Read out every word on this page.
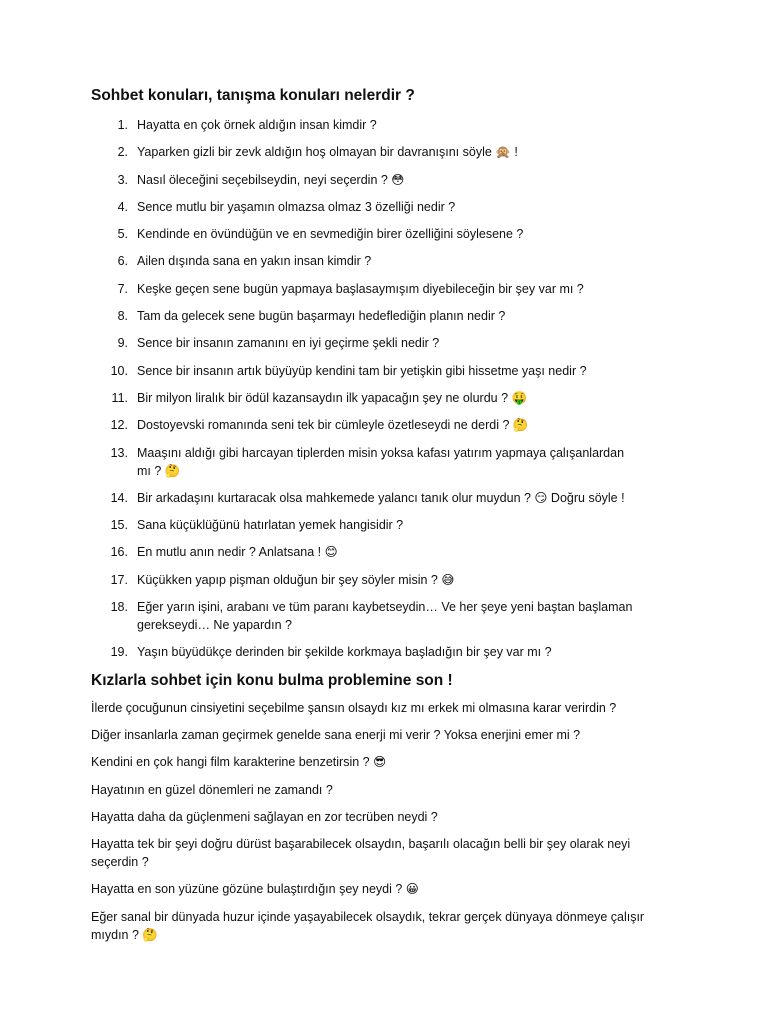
Sohbet konuları, tanışma konuları nelerdir ?
1. Hayatta en çok örnek aldığın insan kimdir ?
2. Yaparken gizli bir zevk aldığın hoş olmayan bir davranışını söyle 🙊 !
3. Nasıl öleceğini seçebilseydin, neyi seçerdin ? 😳
4. Sence mutlu bir yaşamın olmazsa olmaz 3 özelliği nedir ?
5. Kendinde en övündüğün ve en sevmediğin birer özelliğini söylesene ?
6. Ailen dışında sana en yakın insan kimdir ?
7. Keşke geçen sene bugün yapmaya başlasaymışım diyebileceğin bir şey var mı ?
8. Tam da gelecek sene bugün başarmayı hedeflediğin planın nedir ?
9. Sence bir insanın zamanını en iyi geçirme şekli nedir ?
10. Sence bir insanın artık büyüyüp kendini tam bir yetişkin gibi hissetme yaşı nedir ?
11. Bir milyon liralık bir ödül kazansaydın ilk yapacağın şey ne olurdu ? 🤑
12. Dostoyevski romanında seni tek bir cümleyle özetleseydi ne derdi ? 🤔
13. Maaşını aldığı gibi harcayan tiplerden misin yoksa kafası yatırım yapmaya çalışanlardan mı ? 🤔
14. Bir arkadaşını kurtaracak olsa mahkemede yalancı tanık olur muydun ? 😏 Doğru söyle !
15. Sana küçüklüğünü hatırlatan yemek hangisidir ?
16. En mutlu anın nedir ? Anlatsana ! 😊
17. Küçükken yapıp pişman olduğun bir şey söyler misin ? 😅
18. Eğer yarın işini, arabanı ve tüm paranı kaybetseydin… Ve her şeye yeni baştan başlaman gerekseydi… Ne yapardın ?
19. Yaşın büyüdükçe derinden bir şekilde korkmaya başladığın bir şey var mı ?
Kızlarla sohbet için konu bulma problemine son !

İlerde çocuğunun cinsiyetini seçebilme şansın olsaydı kız mı erkek mi olmasına karar verirdin ?

Diğer insanlarla zaman geçirmek genelde sana enerji mi verir ? Yoksa enerjini emer mi ?

Kendini en çok hangi film karakterine benzetirsin ? 😎

Hayatının en güzel dönemleri ne zamandı ?

Hayatta daha da güçlenmeni sağlayan en zor tecrüben neydi ?

Hayatta tek bir şeyi doğru dürüst başarabilecek olsaydın, başarılı olacağın belli bir şey olarak neyi seçerdin ?

Hayatta en son yüzüne gözüne bulaştırdığın şey neydi ? 😀

Eğer sanal bir dünyada huzur içinde yaşayabilecek olsaydık, tekrar gerçek dünyaya dönmeye çalışır mıydın ? 🤔
